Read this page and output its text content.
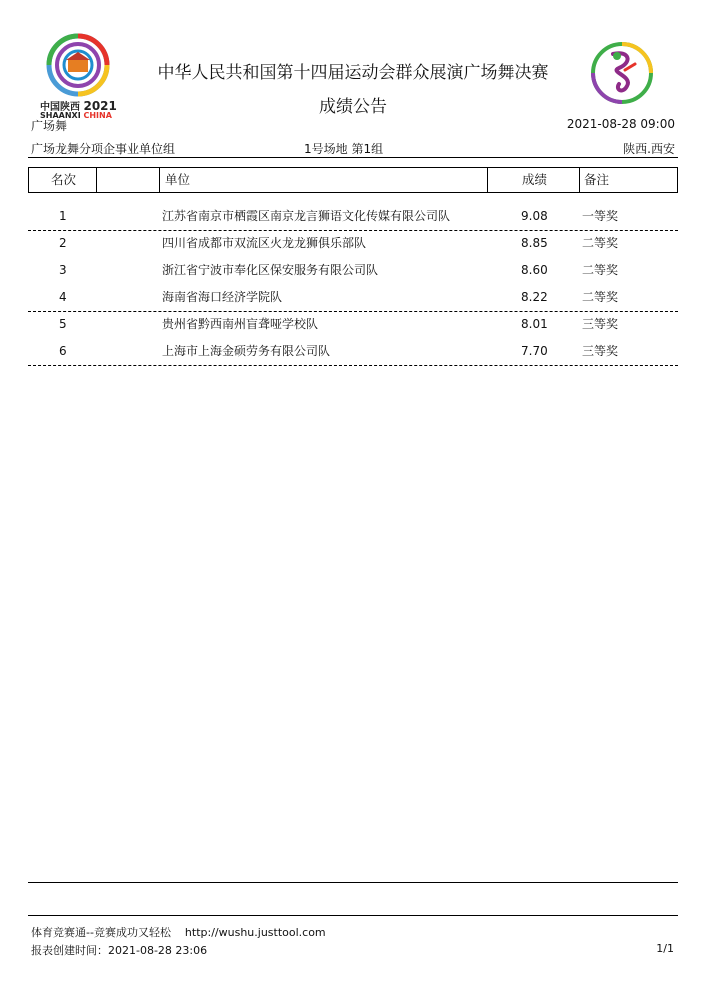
中国陕西 2021
SHAANXI CHINA
中华人民共和国第十四届运动会群众展演广场舞决赛
成绩公告
广场舞	2021-08-28 09:00
广场龙舞分项企事业单位组	1号场地 第1组	陕西.西安
名次	单位	成绩	备注
1	江苏省南京市栖霞区南京龙言狮语文化传媒有限公司队	9.08	一等奖
2	四川省成都市双流区火龙龙狮俱乐部队	8.85	二等奖
3	浙江省宁波市奉化区保安服务有限公司队	8.60	二等奖
4	海南省海口经济学院队	8.22	二等奖
5	贵州省黔西南州盲聋哑学校队	8.01	三等奖
6	上海市上海金硕劳务有限公司队	7.70	三等奖
体育竞赛通--竞赛成功又轻松    http://wushu.justtool.com
报表创建时间：2021-08-28 23:06	1/1
